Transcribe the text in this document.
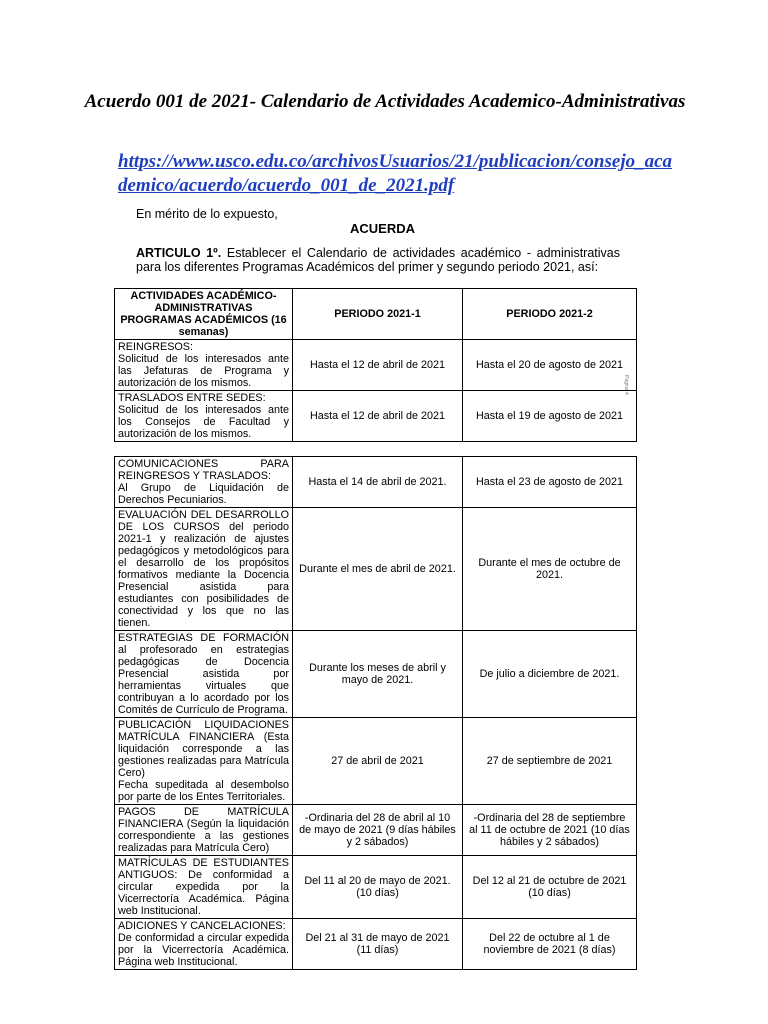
Acuerdo 001 de 2021- Calendario de Actividades Academico-Administrativas
https://www.usco.edu.co/archivosUsuarios/21/publicacion/consejo_academico/acuerdo/acuerdo_001_de_2021.pdf
En mérito de lo expuesto,
ACUERDA
ARTICULO 1º. Establecer el Calendario de actividades académico - administrativas para los diferentes Programas Académicos del primer y segundo periodo 2021, así:
Página 4
ACTIVIDADES ACADÉMICO-ADMINISTRATIVAS PROGRAMAS ACADÉMICOS (16 semanas)	PERIODO 2021-1	PERIODO 2021-2
REINGRESOS:
Solicitud de los interesados ante las Jefaturas de Programa y autorización de los mismos.	Hasta el 12 de abril de 2021	Hasta el 20 de agosto de 2021
TRASLADOS ENTRE SEDES:
Solicitud de los interesados ante los Consejos de Facultad y autorización de los mismos.	Hasta el 12 de abril de 2021	Hasta el 19 de agosto de 2021
COMUNICACIONES PARA REINGRESOS Y TRASLADOS:
Al Grupo de Liquidación de Derechos Pecuniarios.	Hasta el 14 de abril de 2021.	Hasta el 23 de agosto de 2021
EVALUACIÓN DEL DESARROLLO DE LOS CURSOS del periodo 2021-1 y realización de ajustes pedagógicos y metodológicos para el desarrollo de los propósitos formativos mediante la Docencia Presencial asistida para estudiantes con posibilidades de conectividad y los que no las tienen.	Durante el mes de abril de 2021.	Durante el mes de octubre de 2021.
ESTRATEGIAS DE FORMACIÓN al profesorado en estrategias pedagógicas de Docencia Presencial asistida por herramientas virtuales que contribuyan a lo acordado por los Comités de Currículo de Programa.	Durante los meses de abril y mayo de 2021.	De julio a diciembre de 2021.
PUBLICACIÓN LIQUIDACIONES MATRÍCULA FINANCIERA (Esta liquidación corresponde a las gestiones realizadas para Matrícula Cero)
Fecha supeditada al desembolso por parte de los Entes Territoriales.	27 de abril de 2021	27 de septiembre de 2021
PAGOS DE MATRÍCULA FINANCIERA (Según la liquidación correspondiente a las gestiones realizadas para Matrícula Cero)	-Ordinaria del 28 de abril al 10 de mayo de 2021 (9 días hábiles y 2 sábados)	-Ordinaria del 28 de septiembre al 11 de octubre de 2021 (10 días hábiles y 2 sábados)
MATRÍCULAS DE ESTUDIANTES ANTIGUOS: De conformidad a circular expedida por la Vicerrectoría Académica. Página web Institucional.	Del 11 al 20 de mayo de 2021. (10 días)	Del 12 al 21 de octubre de 2021 (10 días)
ADICIONES Y CANCELACIONES:
De conformidad a circular expedida por la Vicerrectoría Académica. Página web Institucional.	Del 21 al 31 de mayo de 2021 (11 días)	Del 22 de octubre al 1 de noviembre de 2021 (8 días)
